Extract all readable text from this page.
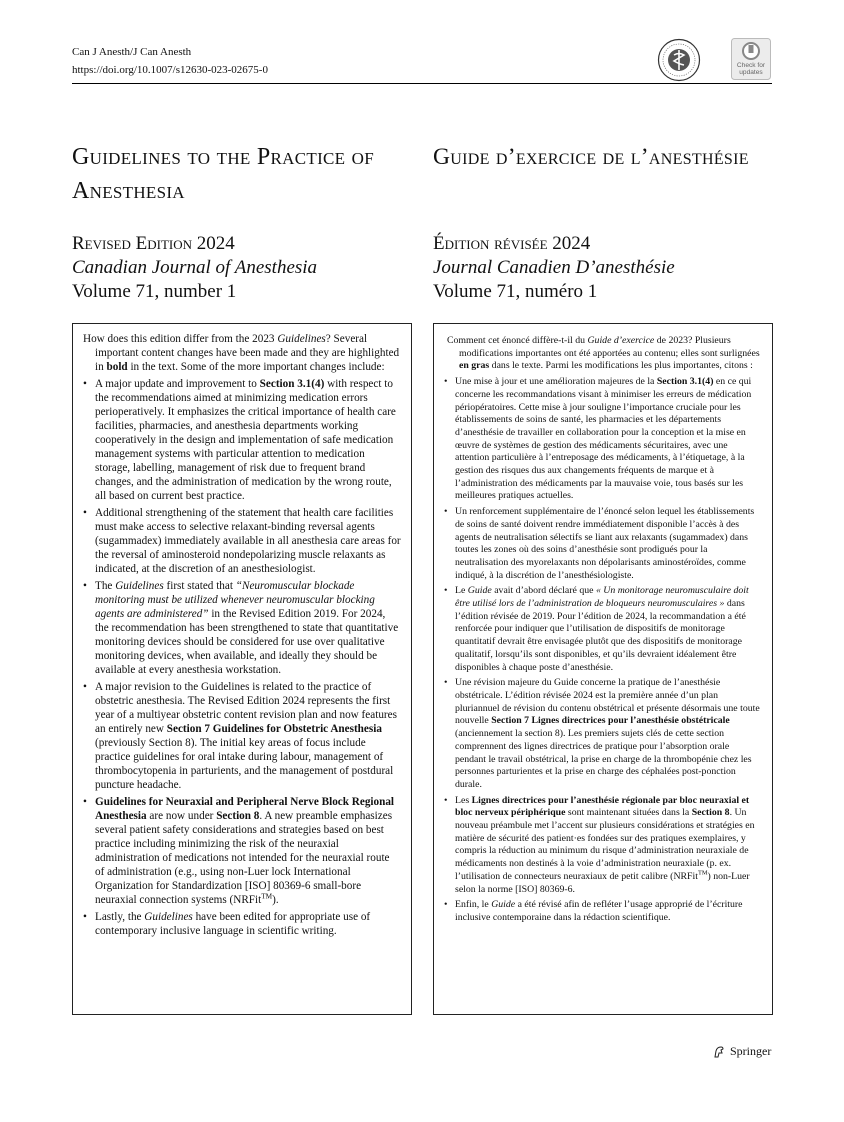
Can J Anesth/J Can Anesth
https://doi.org/10.1007/s12630-023-02675-0	Check for
updates
Guidelines to the Practice of Anesthesia
Revised Edition 2024
Canadian Journal of Anesthesia
Volume 71, number 1
Guide d’exercice de l’anesthésie
Édition révisée 2024
Journal Canadien D’anesthésie
Volume 71, numéro 1
How does this edition differ from the 2023 Guidelines? Several important content changes have been made and they are highlighted in bold in the text. Some of the more important changes include:
• A major update and improvement to Section 3.1(4) with respect to the recommendations aimed at minimizing medication errors perioperatively. It emphasizes the critical importance of health care facilities, pharmacies, and anesthesia departments working cooperatively in the design and implementation of safe medication management systems with particular attention to medication storage, labelling, management of risk due to frequent brand changes, and the administration of medication by the wrong route, all based on current best practice.
• Additional strengthening of the statement that health care facilities must make access to selective relaxant-binding reversal agents (sugammadex) immediately available in all anesthesia care areas for the reversal of aminosteroid nondepolarizing muscle relaxants as indicated, at the discretion of an anesthesiologist.
• The Guidelines first stated that “Neuromuscular blockade monitoring must be utilized whenever neuromuscular blocking agents are administered” in the Revised Edition 2019. For 2024, the recommendation has been strengthened to state that quantitative monitoring devices should be considered for use over qualitative monitoring devices, when available, and ideally they should be available at every anesthesia workstation.
• A major revision to the Guidelines is related to the practice of obstetric anesthesia. The Revised Edition 2024 represents the first year of a multiyear obstetric content revision plan and now features an entirely new Section 7 Guidelines for Obstetric Anesthesia (previously Section 8). The initial key areas of focus include practice guidelines for oral intake during labour, management of thrombocytopenia in parturients, and the management of postdural puncture headache.
• Guidelines for Neuraxial and Peripheral Nerve Block Regional Anesthesia are now under Section 8. A new preamble emphasizes several patient safety considerations and strategies based on best practice including minimizing the risk of the neuraxial administration of medications not intended for the neuraxial route of administration (e.g., using non-Luer lock International Organization for Standardization [ISO] 80369-6 small-bore neuraxial connection systems (NRFit™).
• Lastly, the Guidelines have been edited for appropriate use of contemporary inclusive language in scientific writing.
Comment cet énoncé diffère-t-il du Guide d’exercice de 2023? Plusieurs modifications importantes ont été apportées au contenu; elles sont surlignées en gras dans le texte. Parmi les modifications les plus importantes, citons :
• Une mise à jour et une amélioration majeures de la Section 3.1(4) en ce qui concerne les recommandations visant à minimiser les erreurs de médication périopératoires. Cette mise à jour souligne l’importance cruciale pour les établissements de soins de santé, les pharmacies et les départements d’anesthésie de travailler en collaboration pour la conception et la mise en œuvre de systèmes de gestion des médicaments sécuritaires, avec une attention particulière à l’entreposage des médicaments, à l’étiquetage, à la gestion des risques dus aux changements fréquents de marque et à l’administration des médicaments par la mauvaise voie, tous basés sur les meilleures pratiques actuelles.
• Un renforcement supplémentaire de l’énoncé selon lequel les établissements de soins de santé doivent rendre immédiatement disponible l’accès à des agents de neutralisation sélectifs se liant aux relaxants (sugammadex) dans toutes les zones où des soins d’anesthésie sont prodigués pour la neutralisation des myorelaxants non dépolarisants aminostéroïdes, comme indiqué, à la discrétion de l’anesthésiologiste.
• Le Guide avait d’abord déclaré que « Un monitorage neuromusculaire doit être utilisé lors de l’administration de bloqueurs neuromusculaires » dans l’édition révisée de 2019. Pour l’édition de 2024, la recommandation a été renforcée pour indiquer que l’utilisation de dispositifs de monitorage quantitatif devrait être envisagée plutôt que des dispositifs de monitorage qualitatif, lorsqu’ils sont disponibles, et qu’ils devraient idéalement être disponibles à chaque poste d’anesthésie.
• Une révision majeure du Guide concerne la pratique de l’anesthésie obstétricale. L’édition révisée 2024 est la première année d’un plan pluriannuel de révision du contenu obstétrical et présente désormais une toute nouvelle Section 7 Lignes directrices pour l’anesthésie obstétricale (anciennement la section 8). Les premiers sujets clés de cette section comprennent des lignes directrices de pratique pour l’absorption orale pendant le travail obstétrical, la prise en charge de la thrombopénie chez les personnes parturientes et la prise en charge des céphalées post-ponction durale.
• Les Lignes directrices pour l’anesthésie régionale par bloc neuraxial et bloc nerveux périphérique sont maintenant situées dans la Section 8. Un nouveau préambule met l’accent sur plusieurs considérations et stratégies en matière de sécurité des patient·es fondées sur des pratiques exemplaires, y compris la réduction au minimum du risque d’administration neuraxiale de médicaments non destinés à la voie d’administration neuraxiale (p. ex. l’utilisation de connecteurs neuraxiaux de petit calibre (NRFit™) non-Luer selon la norme [ISO] 80369-6.
• Enfin, le Guide a été révisé afin de refléter l’usage approprié de l’écriture inclusive contemporaine dans la rédaction scientifique.
Springer
